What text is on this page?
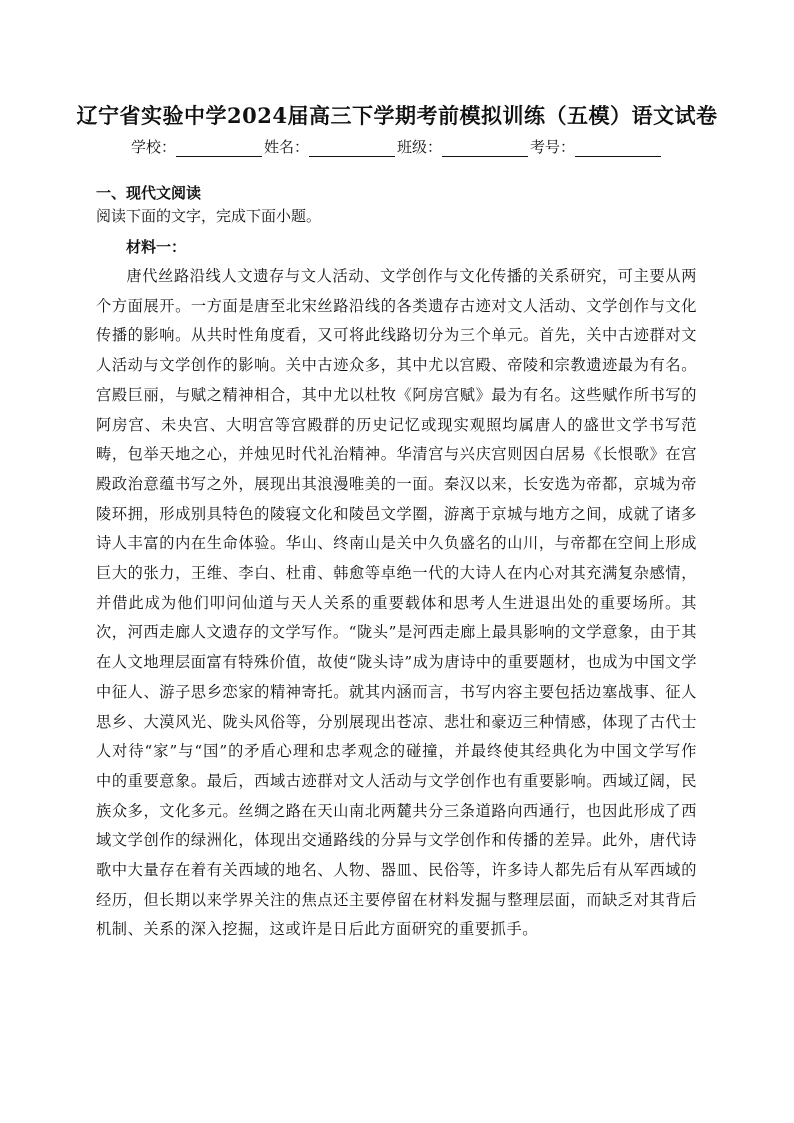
辽宁省实验中学2024届高三下学期考前模拟训练（五模）语文试卷
学校：	姓名：	班级：	考号：
一、现代文阅读
阅读下面的文字，完成下面小题。
材料一：

唐代丝路沿线人文遗存与文人活动、文学创作与文化传播的关系研究，可主要从两个方面展开。一方面是唐至北宋丝路沿线的各类遗存古迹对文人活动、文学创作与文化传播的影响。从共时性角度看，又可将此线路切分为三个单元。首先，关中古迹群对文人活动与文学创作的影响。关中古迹众多，其中尤以宫殿、帝陵和宗教遗迹最为有名。宫殿巨丽，与赋之精神相合，其中尤以杜牧《阿房宫赋》最为有名。这些赋作所书写的阿房宫、未央宫、大明宫等宫殿群的历史记忆或现实观照均属唐人的盛世文学书写范畴，包举天地之心，并烛见时代礼治精神。华清宫与兴庆宫则因白居易《长恨歌》在宫殿政治意蕴书写之外，展现出其浪漫唯美的一面。秦汉以来，长安选为帝都，京城为帝陵环拥，形成别具特色的陵寝文化和陵邑文学圈，游离于京城与地方之间，成就了诸多诗人丰富的内在生命体验。华山、终南山是关中久负盛名的山川，与帝都在空间上形成巨大的张力，王维、李白、杜甫、韩愈等卓绝一代的大诗人在内心对其充满复杂感情，并借此成为他们叩问仙道与天人关系的重要载体和思考人生进退出处的重要场所。其次，河西走廊人文遗存的文学写作。“陇头”是河西走廊上最具影响的文学意象，由于其在人文地理层面富有特殊价值，故使“陇头诗”成为唐诗中的重要题材，也成为中国文学中征人、游子思乡恋家的精神寄托。就其内涵而言，书写内容主要包括边塞战事、征人思乡、大漠风光、陇头风俗等，分别展现出苍凉、悲壮和豪迈三种情感，体现了古代士人对待“家”与“国”的矛盾心理和忠孝观念的碰撞，并最终使其经典化为中国文学写作中的重要意象。最后，西域古迹群对文人活动与文学创作也有重要影响。西域辽阔，民族众多，文化多元。丝绸之路在天山南北两麓共分三条道路向西通行，也因此形成了西域文学创作的绿洲化，体现出交通路线的分异与文学创作和传播的差异。此外，唐代诗歌中大量存在着有关西域的地名、人物、器皿、民俗等，许多诗人都先后有从军西域的经历，但长期以来学界关注的焦点还主要停留在材料发掘与整理层面，而缺乏对其背后机制、关系的深入挖掘，这或许是日后此方面研究的重要抓手。
